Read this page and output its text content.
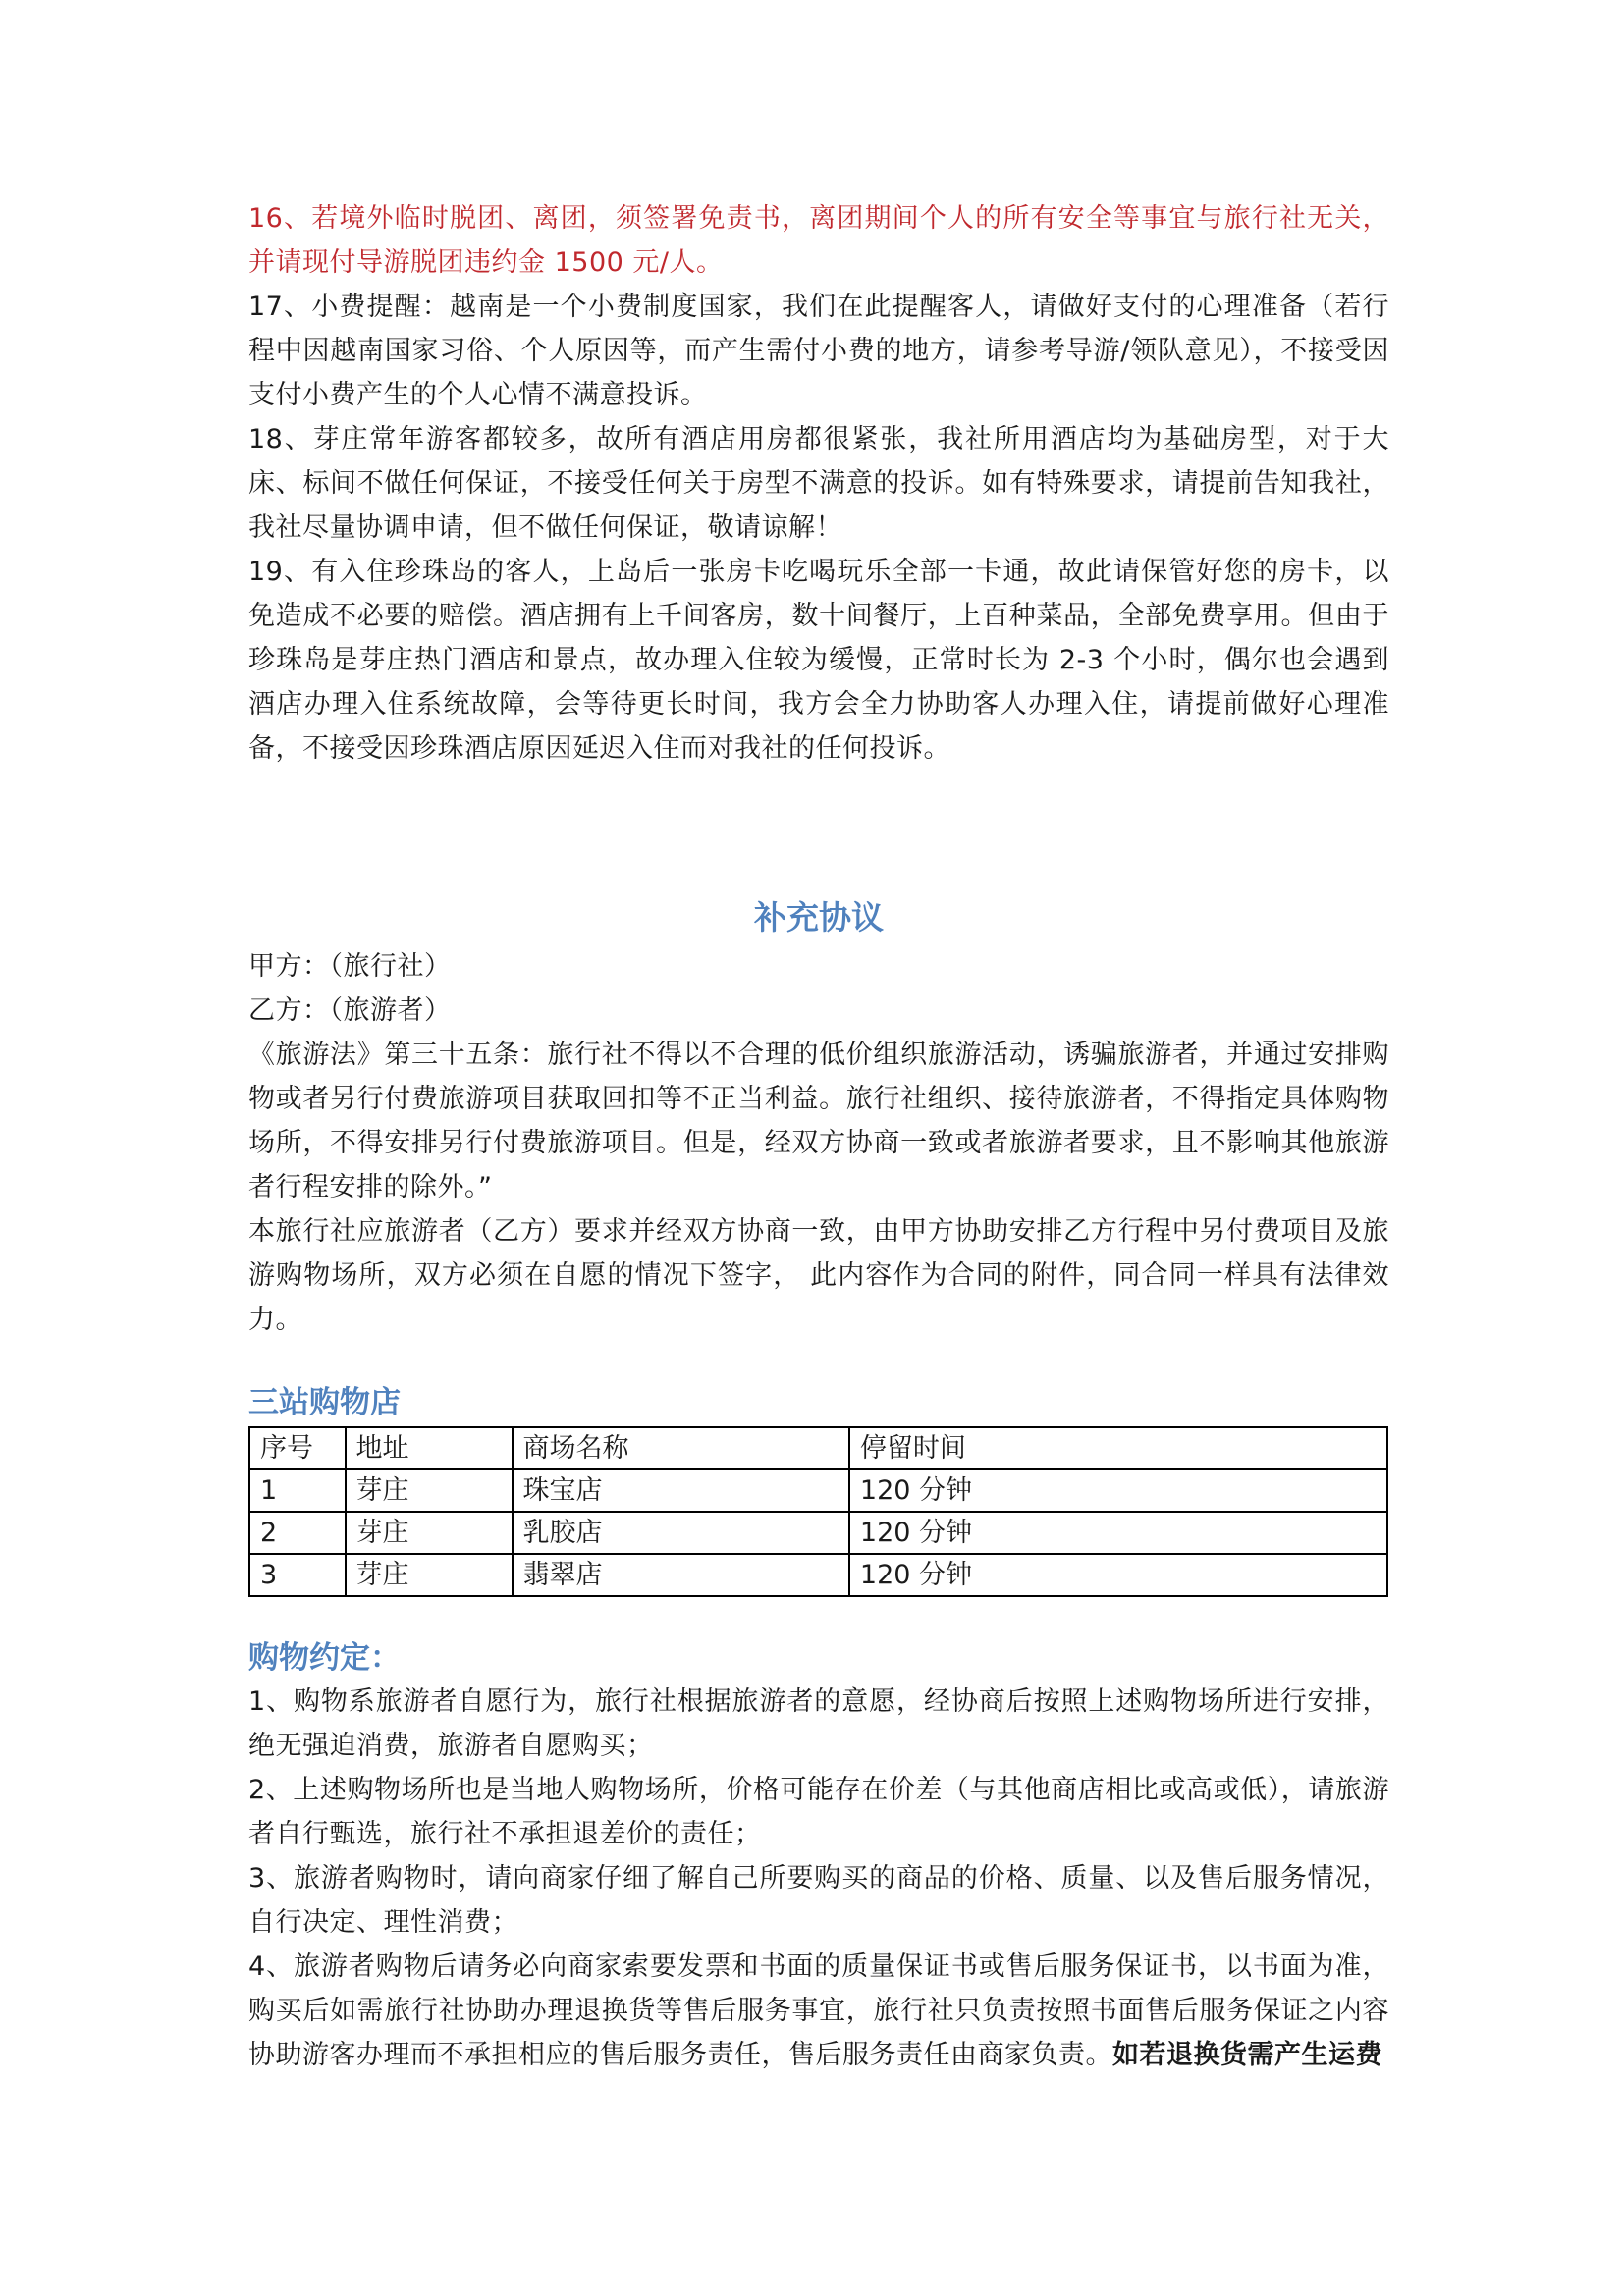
16、若境外临时脱团、离团，须签署免责书，离团期间个人的所有安全等事宜与旅行社无关，并请现付导游脱团违约金 1500 元/人。

17、小费提醒：越南是一个小费制度国家，我们在此提醒客人，请做好支付的心理准备（若行程中因越南国家习俗、个人原因等，而产生需付小费的地方，请参考导游/领队意见），不接受因支付小费产生的个人心情不满意投诉。

18、芽庄常年游客都较多，故所有酒店用房都很紧张，我社所用酒店均为基础房型，对于大床、标间不做任何保证，不接受任何关于房型不满意的投诉。如有特殊要求，请提前告知我社，我社尽量协调申请，但不做任何保证，敬请谅解！

19、有入住珍珠岛的客人，上岛后一张房卡吃喝玩乐全部一卡通，故此请保管好您的房卡，以免造成不必要的赔偿。酒店拥有上千间客房，数十间餐厅，上百种菜品，全部免费享用。但由于珍珠岛是芽庄热门酒店和景点，故办理入住较为缓慢，正常时长为 2-3 个小时，偶尔也会遇到酒店办理入住系统故障，会等待更长时间，我方会全力协助客人办理入住，请提前做好心理准备，不接受因珍珠酒店原因延迟入住而对我社的任何投诉。

补充协议

甲方：（旅行社）

乙方：（旅游者）

《旅游法》第三十五条：旅行社不得以不合理的低价组织旅游活动，诱骗旅游者，并通过安排购物或者另行付费旅游项目获取回扣等不正当利益。旅行社组织、接待旅游者，不得指定具体购物场所，不得安排另行付费旅游项目。但是，经双方协商一致或者旅游者要求，且不影响其他旅游者行程安排的除外。”

本旅行社应旅游者（乙方）要求并经双方协商一致，由甲方协助安排乙方行程中另付费项目及旅游购物场所，双方必须在自愿的情况下签字， 此内容作为合同的附件，同合同一样具有法律效力。

三站购物店
序号	地址	商场名称	停留时间
1	芽庄	珠宝店	120 分钟
2	芽庄	乳胶店	120 分钟
3	芽庄	翡翠店	120 分钟
购物约定：

1、购物系旅游者自愿行为，旅行社根据旅游者的意愿，经协商后按照上述购物场所进行安排，绝无强迫消费，旅游者自愿购买；

2、上述购物场所也是当地人购物场所，价格可能存在价差（与其他商店相比或高或低），请旅游者自行甄选，旅行社不承担退差价的责任；

3、旅游者购物时，请向商家仔细了解自己所要购买的商品的价格、质量、以及售后服务情况，自行决定、理性消费；

4、旅游者购物后请务必向商家索要发票和书面的质量保证书或售后服务保证书，以书面为准，购买后如需旅行社协助办理退换货等售后服务事宜，旅行社只负责按照书面售后服务保证之内容协助游客办理而不承担相应的售后服务责任，售后服务责任由商家负责。如若退换货需产生运费
